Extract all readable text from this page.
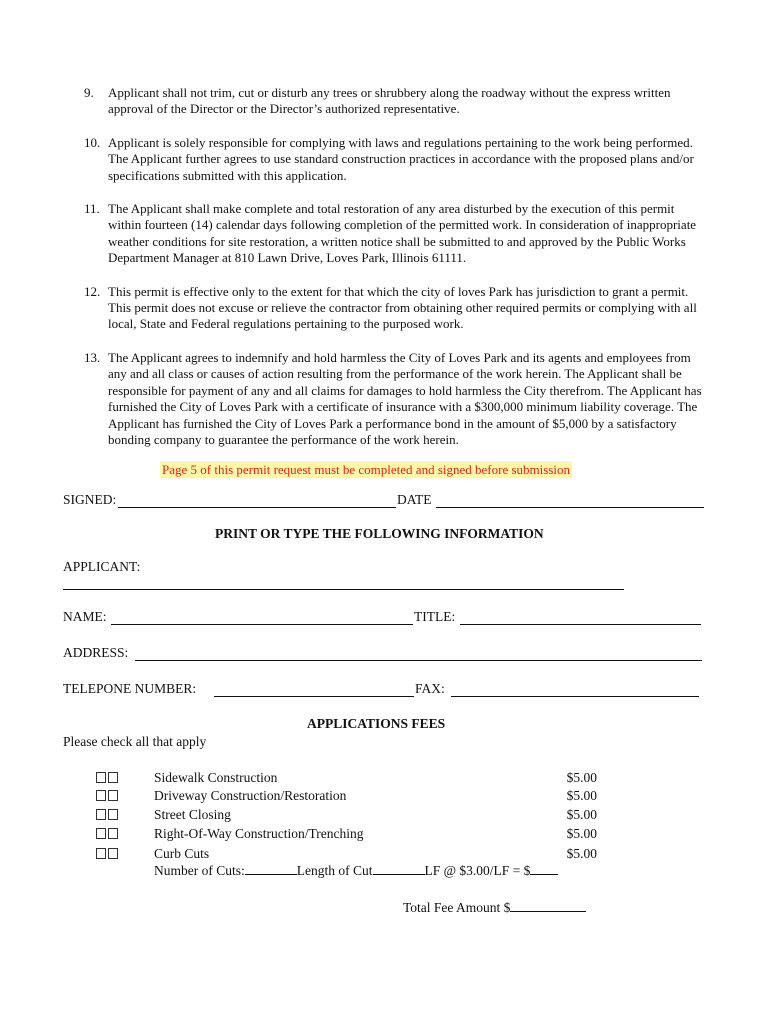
9. Applicant shall not trim, cut or disturb any trees or shrubbery along the roadway without the express written approval of the Director or the Director’s authorized representative.
10. Applicant is solely responsible for complying with laws and regulations pertaining to the work being performed. The Applicant further agrees to use standard construction practices in accordance with the proposed plans and/or specifications submitted with this application.
11. The Applicant shall make complete and total restoration of any area disturbed by the execution of this permit within fourteen (14) calendar days following completion of the permitted work. In consideration of inappropriate weather conditions for site restoration, a written notice shall be submitted to and approved by the Public Works Department Manager at 810 Lawn Drive, Loves Park, Illinois 61111.
12. This permit is effective only to the extent for that which the city of loves Park has jurisdiction to grant a permit. This permit does not excuse or relieve the contractor from obtaining other required permits or complying with all local, State and Federal regulations pertaining to the purposed work.
13. The Applicant agrees to indemnify and hold harmless the City of Loves Park and its agents and employees from any and all class or causes of action resulting from the performance of the work herein. The Applicant shall be responsible for payment of any and all claims for damages to hold harmless the City therefrom. The Applicant has furnished the City of Loves Park with a certificate of insurance with a $300,000 minimum liability coverage. The Applicant has furnished the City of Loves Park a performance bond in the amount of $5,000 by a satisfactory bonding company to guarantee the performance of the work herein.
Page 5 of this permit request must be completed and signed before submission
SIGNED:	DATE
PRINT OR TYPE THE FOLLOWING INFORMATION
APPLICANT:
NAME:	TITLE:
ADDRESS:
TELEPONE NUMBER:	FAX:
APPLICATIONS FEES
Please check all that apply
Sidewalk Construction	$5.00
Driveway Construction/Restoration	$5.00
Street Closing	$5.00
Right-Of-Way Construction/Trenching	$5.00
Curb Cuts	$5.00
Number of Cuts:	Length of Cut	LF @ $3.00/LF = $
Total Fee Amount $
